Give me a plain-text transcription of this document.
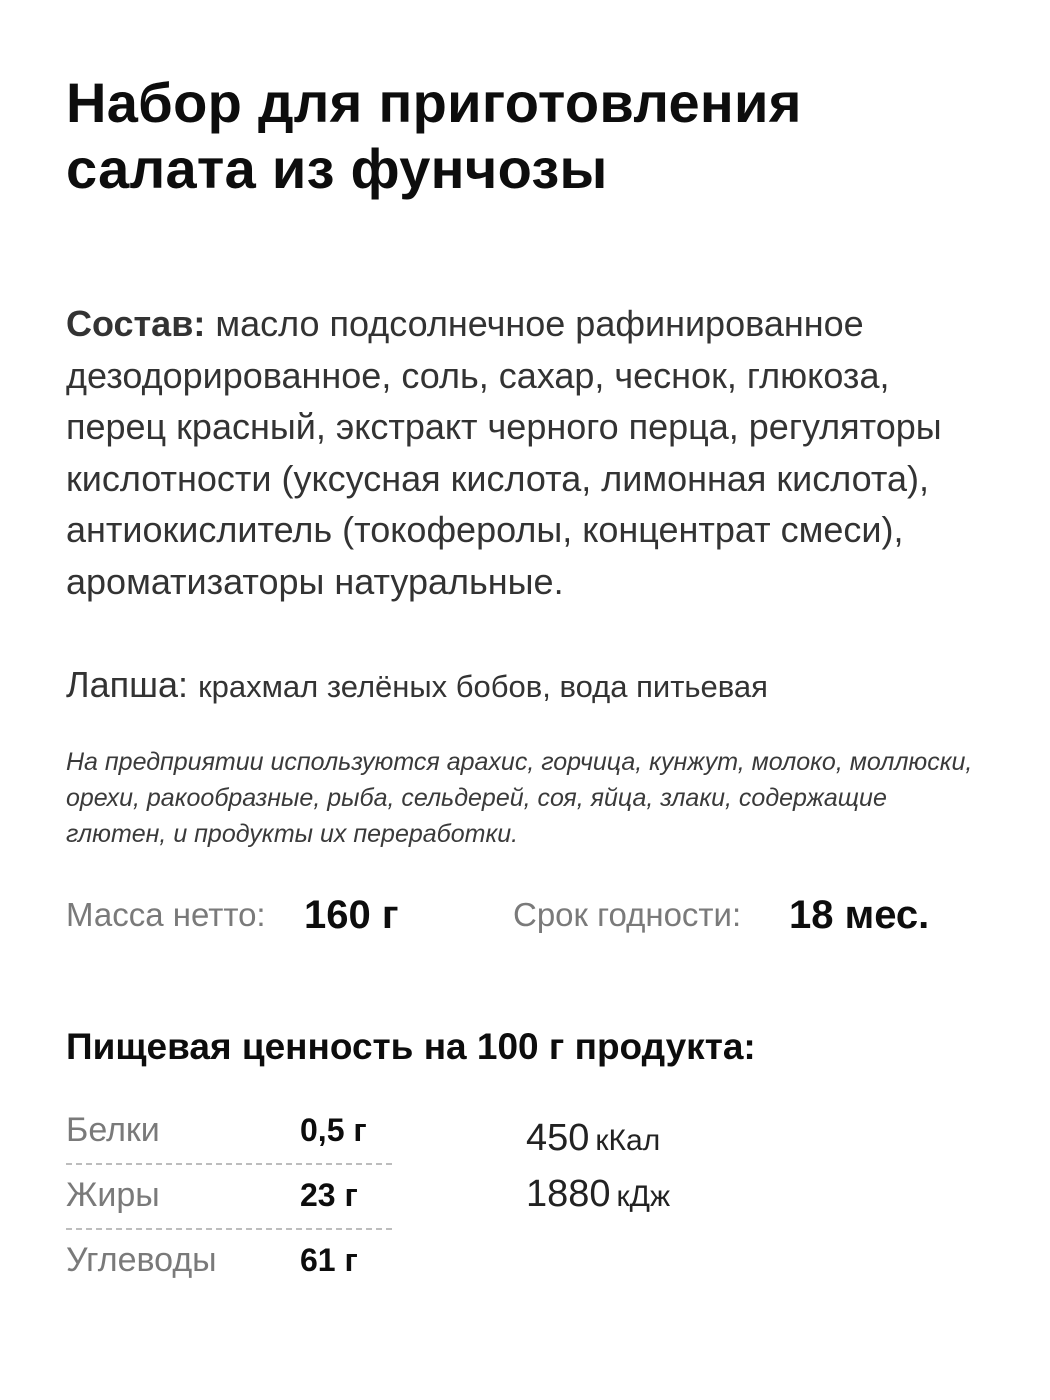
Набор для приготовления салата из фунчозы

Состав: масло подсолнечное рафинированное дезодорированное, соль, сахар, чеснок, глюкоза, перец красный, экстракт черного перца, регуляторы кислотности (уксусная кислота, лимонная кислота), антиокислитель (токоферолы, концентрат смеси), ароматизаторы натуральные.

Лапша: крахмал зелёных бобов, вода питьевая

На предприятии используются арахис, горчица, кунжут, молоко, моллюски, орехи, ракообразные, рыба, сельдерей, соя, яйца, злаки, содержащие глютен, и продукты их переработки.

Масса нетто: 160 г	Срок годности: 18 мес.
Пищевая ценность на 100 г продукта:
Белки	0,5 г
Жиры	23 г
Углеводы	61 г
450 кКал
1880 кДж
